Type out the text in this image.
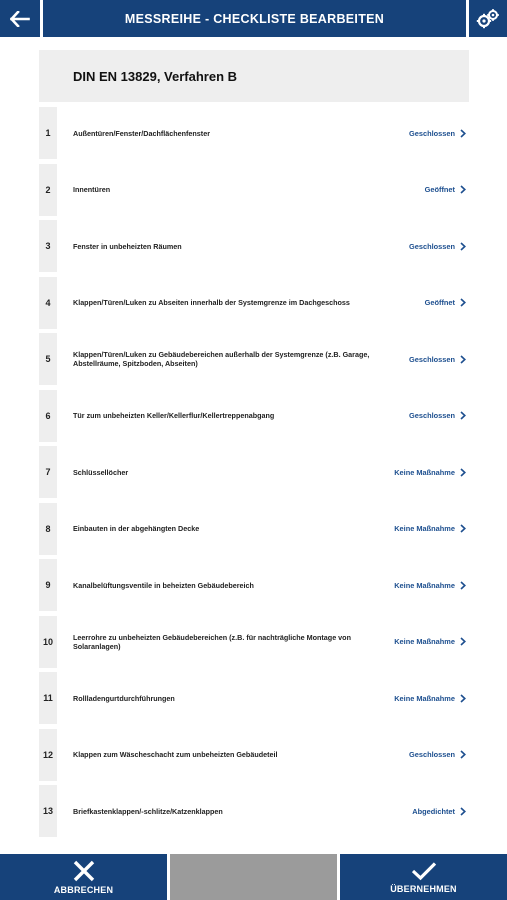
MESSREIHE - CHECKLISTE BEARBEITEN
DIN EN 13829, Verfahren B
1	Außentüren/Fenster/Dachflächenfenster	Geschlossen
2	Innentüren	Geöffnet
3	Fenster in unbeheizten Räumen	Geschlossen
4	Klappen/Türen/Luken zu Abseiten innerhalb der Systemgrenze im Dachgeschoss	Geöffnet
5	Klappen/Türen/Luken zu Gebäudebereichen außerhalb der Systemgrenze (z.B. Garage, Abstellräume, Spitzboden, Abseiten)	Geschlossen
6	Tür zum unbeheizten Keller/Kellerflur/Kellertreppenabgang	Geschlossen
7	Schlüssellöcher	Keine Maßnahme
8	Einbauten in der abgehängten Decke	Keine Maßnahme
9	Kanalbelüftungsventile in beheizten Gebäudebereich	Keine Maßnahme
10	Leerrohre zu unbeheizten Gebäudebereichen (z.B. für nachträgliche Montage von Solaranlagen)	Keine Maßnahme
11	Rollladengurtdurchführungen	Keine Maßnahme
12	Klappen zum Wäscheschacht zum unbeheizten Gebäudeteil	Geschlossen
13	Briefkastenklappen/-schlitze/Katzenklappen	Abgedichtet
ABBRECHEN	ÜBERNEHMEN
